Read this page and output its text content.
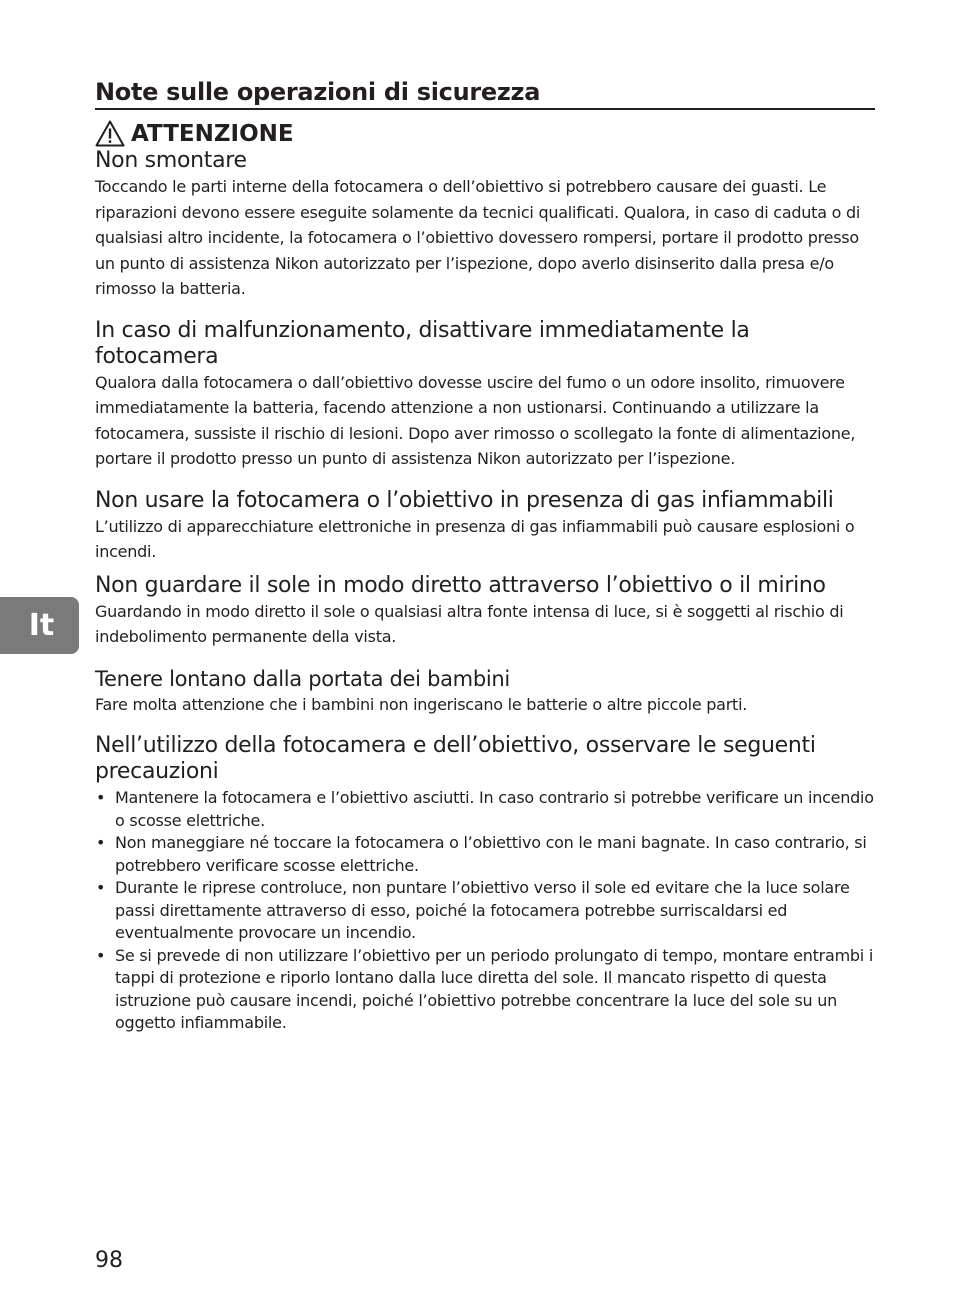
Note sulle operazioni di sicurezza
ATTENZIONE
Non smontare

Toccando le parti interne della fotocamera o dell’obiettivo si potrebbero causare dei guasti. Le riparazioni devono essere eseguite solamente da tecnici qualificati. Qualora, in caso di caduta o di qualsiasi altro incidente, la fotocamera o l’obiettivo dovessero rompersi, portare il prodotto presso un punto di assistenza Nikon autorizzato per l’ispezione, dopo averlo disinserito dalla presa e/o rimosso la batteria.

In caso di malfunzionamento, disattivare immediatamente la fotocamera

Qualora dalla fotocamera o dall’obiettivo dovesse uscire del fumo o un odore insolito, rimuovere immediatamente la batteria, facendo attenzione a non ustionarsi. Continuando a utilizzare la fotocamera, sussiste il rischio di lesioni. Dopo aver rimosso o scollegato la fonte di alimentazione, portare il prodotto presso un punto di assistenza Nikon autorizzato per l’ispezione.

Non usare la fotocamera o l’obiettivo in presenza di gas infiammabili

L’utilizzo di apparecchiature elettroniche in presenza di gas infiammabili può causare esplosioni o incendi.

Non guardare il sole in modo diretto attraverso l’obiettivo o il mirino

Guardando in modo diretto il sole o qualsiasi altra fonte intensa di luce, si è soggetti al rischio di indebolimento permanente della vista.

Tenere lontano dalla portata dei bambini

Fare molta attenzione che i bambini non ingeriscano le batterie o altre piccole parti.

Nell’utilizzo della fotocamera e dell’obiettivo, osservare le seguenti precauzioni
• Mantenere la fotocamera e l’obiettivo asciutti. In caso contrario si potrebbe verificare un incendio o scosse elettriche.
• Non maneggiare né toccare la fotocamera o l’obiettivo con le mani bagnate. In caso contrario, si potrebbero verificare scosse elettriche.
• Durante le riprese controluce, non puntare l’obiettivo verso il sole ed evitare che la luce solare passi direttamente attraverso di esso, poiché la fotocamera potrebbe surriscaldarsi ed eventualmente provocare un incendio.
• Se si prevede di non utilizzare l’obiettivo per un periodo prolungato di tempo, montare entrambi i tappi di protezione e riporlo lontano dalla luce diretta del sole. Il mancato rispetto di questa istruzione può causare incendi, poiché l’obiettivo potrebbe concentrare la luce del sole su un oggetto infiammabile.
It
98
